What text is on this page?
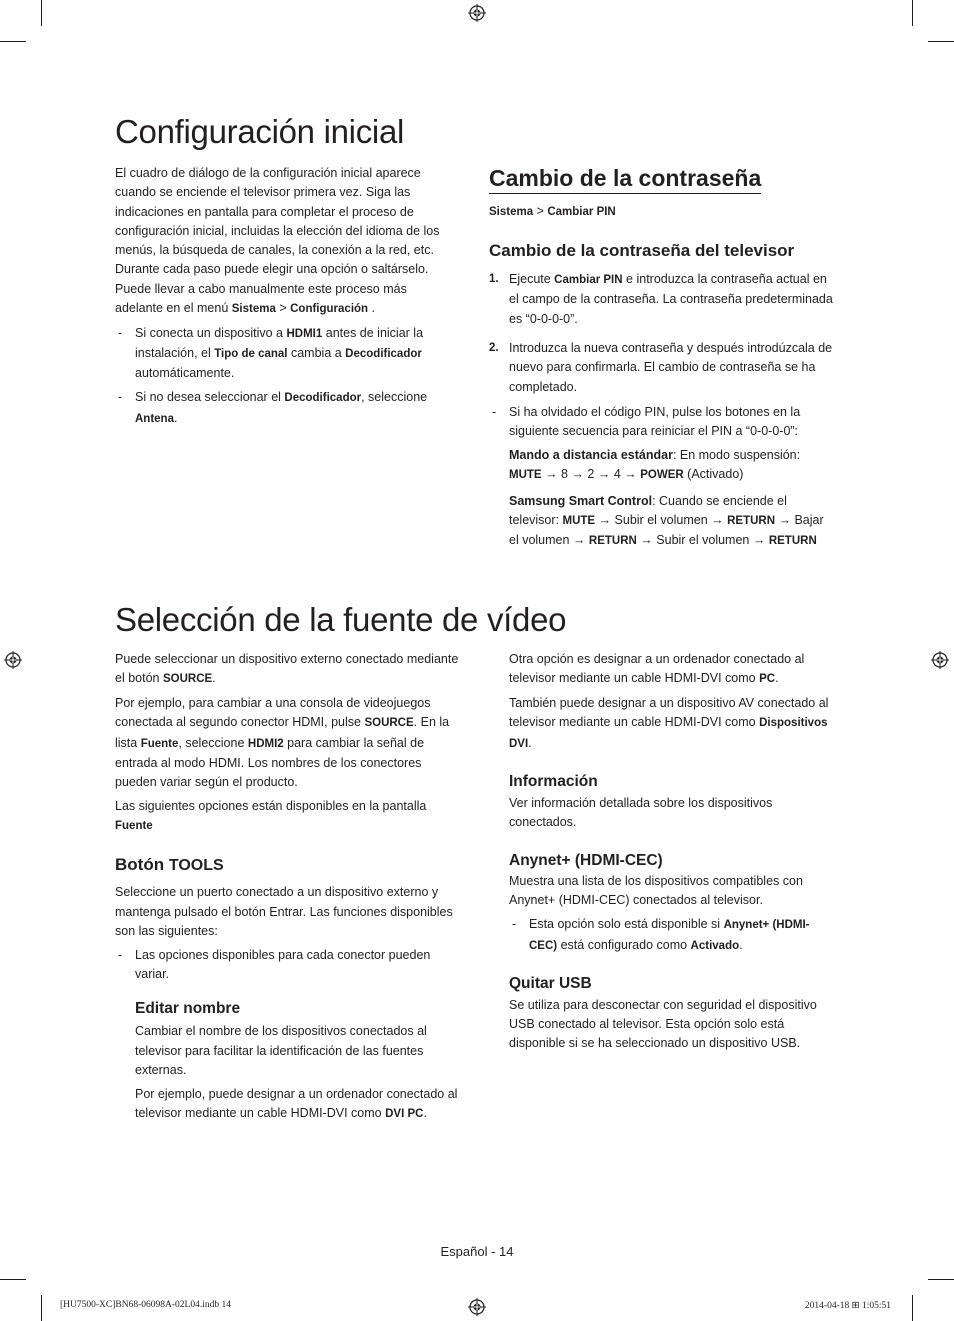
Configuración inicial

El cuadro de diálogo de la configuración inicial aparece cuando se enciende el televisor primera vez. Siga las indicaciones en pantalla para completar el proceso de configuración inicial, incluidas la elección del idioma de los menús, la búsqueda de canales, la conexión a la red, etc. Durante cada paso puede elegir una opción o saltárselo. Puede llevar a cabo manualmente este proceso más adelante en el menú Sistema > Configuración .

- Si conecta un dispositivo a HDMI1 antes de iniciar la instalación, el Tipo de canal cambia a Decodificador automáticamente.
- Si no desea seleccionar el Decodificador, seleccione Antena.
Cambio de la contraseña

Sistema > Cambiar PIN

Cambio de la contraseña del televisor
1. Ejecute Cambiar PIN e introduzca la contraseña actual en el campo de la contraseña. La contraseña predeterminada es “0-0-0-0”.
2. Introduzca la nueva contraseña y después introdúzcala de nuevo para confirmarla. El cambio de contraseña se ha completado.
- Si ha olvidado el código PIN, pulse los botones en la siguiente secuencia para reiniciar el PIN a “0-0-0-0”:
Mando a distancia estándar: En modo suspensión: MUTE → 8 → 2 → 4 → POWER (Activado)
Samsung Smart Control: Cuando se enciende el televisor: MUTE → Subir el volumen → RETURN → Bajar el volumen → RETURN → Subir el volumen → RETURN
Selección de la fuente de vídeo

Puede seleccionar un dispositivo externo conectado mediante el botón SOURCE.

Por ejemplo, para cambiar a una consola de videojuegos conectada al segundo conector HDMI, pulse SOURCE. En la lista Fuente, seleccione HDMI2 para cambiar la señal de entrada al modo HDMI. Los nombres de los conectores pueden variar según el producto.

Las siguientes opciones están disponibles en la pantalla Fuente

Botón TOOLS

Seleccione un puerto conectado a un dispositivo externo y mantenga pulsado el botón Entrar. Las funciones disponibles son las siguientes:

- Las opciones disponibles para cada conector pueden variar.
Editar nombre

Cambiar el nombre de los dispositivos conectados al televisor para facilitar la identificación de las fuentes externas.

Por ejemplo, puede designar a un ordenador conectado al televisor mediante un cable HDMI-DVI como DVI PC.

Otra opción es designar a un ordenador conectado al televisor mediante un cable HDMI-DVI como PC.

También puede designar a un dispositivo AV conectado al televisor mediante un cable HDMI-DVI como Dispositivos DVI.

Información

Ver información detallada sobre los dispositivos conectados.

Anynet+ (HDMI-CEC)

Muestra una lista de los dispositivos compatibles con Anynet+ (HDMI-CEC) conectados al televisor.

- Esta opción solo está disponible si Anynet+ (HDMI-CEC) está configurado como Activado.
Quitar USB

Se utiliza para desconectar con seguridad el dispositivo USB conectado al televisor. Esta opción solo está disponible si se ha seleccionado un dispositivo USB.

Español - 14
[HU7500-XC]BN68-06098A-02L04.indb 14	2014-04-18 ⊞ 1:05:51
